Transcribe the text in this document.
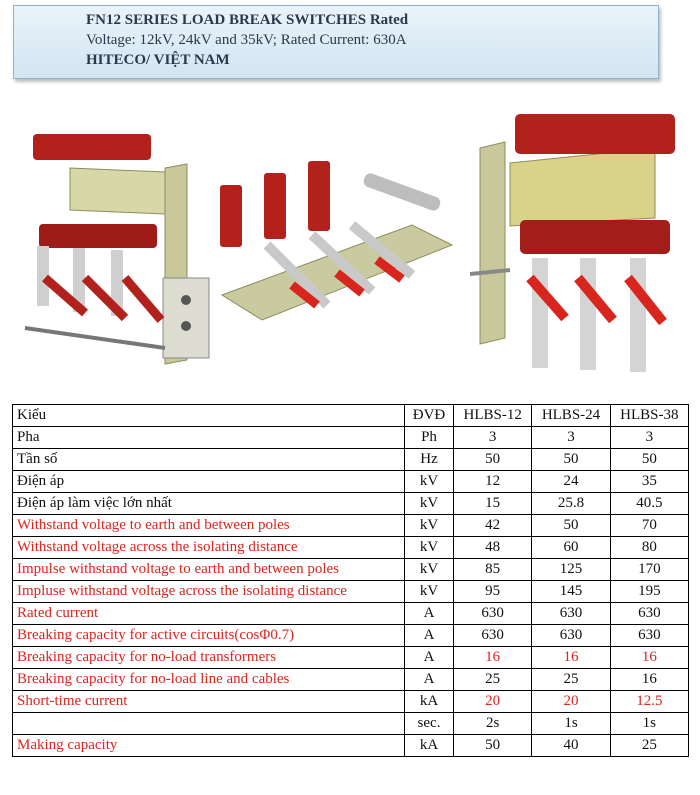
FN12 SERIES LOAD BREAK SWITCHES Rated
Voltage: 12kV, 24kV and 35kV; Rated Current: 630A
HITECO/ VIỆT NAM
Kiểu	ĐVĐ	HLBS-12	HLBS-24	HLBS-38
Pha	Ph	3	3	3
Tần số	Hz	50	50	50
Điện áp	kV	12	24	35
Điện áp làm việc lớn nhất	kV	15	25.8	40.5
Withstand voltage to earth and between poles	kV	42	50	70
Withstand voltage across the isolating distance	kV	48	60	80
Impulse withstand voltage to earth and between poles	kV	85	125	170
Impluse withstand voltage across the isolating distance	kV	95	145	195
Rated current	A	630	630	630
Breaking capacity for active circuits(cosΦ0.7)	A	630	630	630
Breaking capacity for no-load transformers	A	16	16	16
Breaking capacity for no-load line and cables	A	25	25	16
Short-time current	kA	20	20	12.5
	sec.	2s	1s	1s
Making capacity	kA	50	40	25
